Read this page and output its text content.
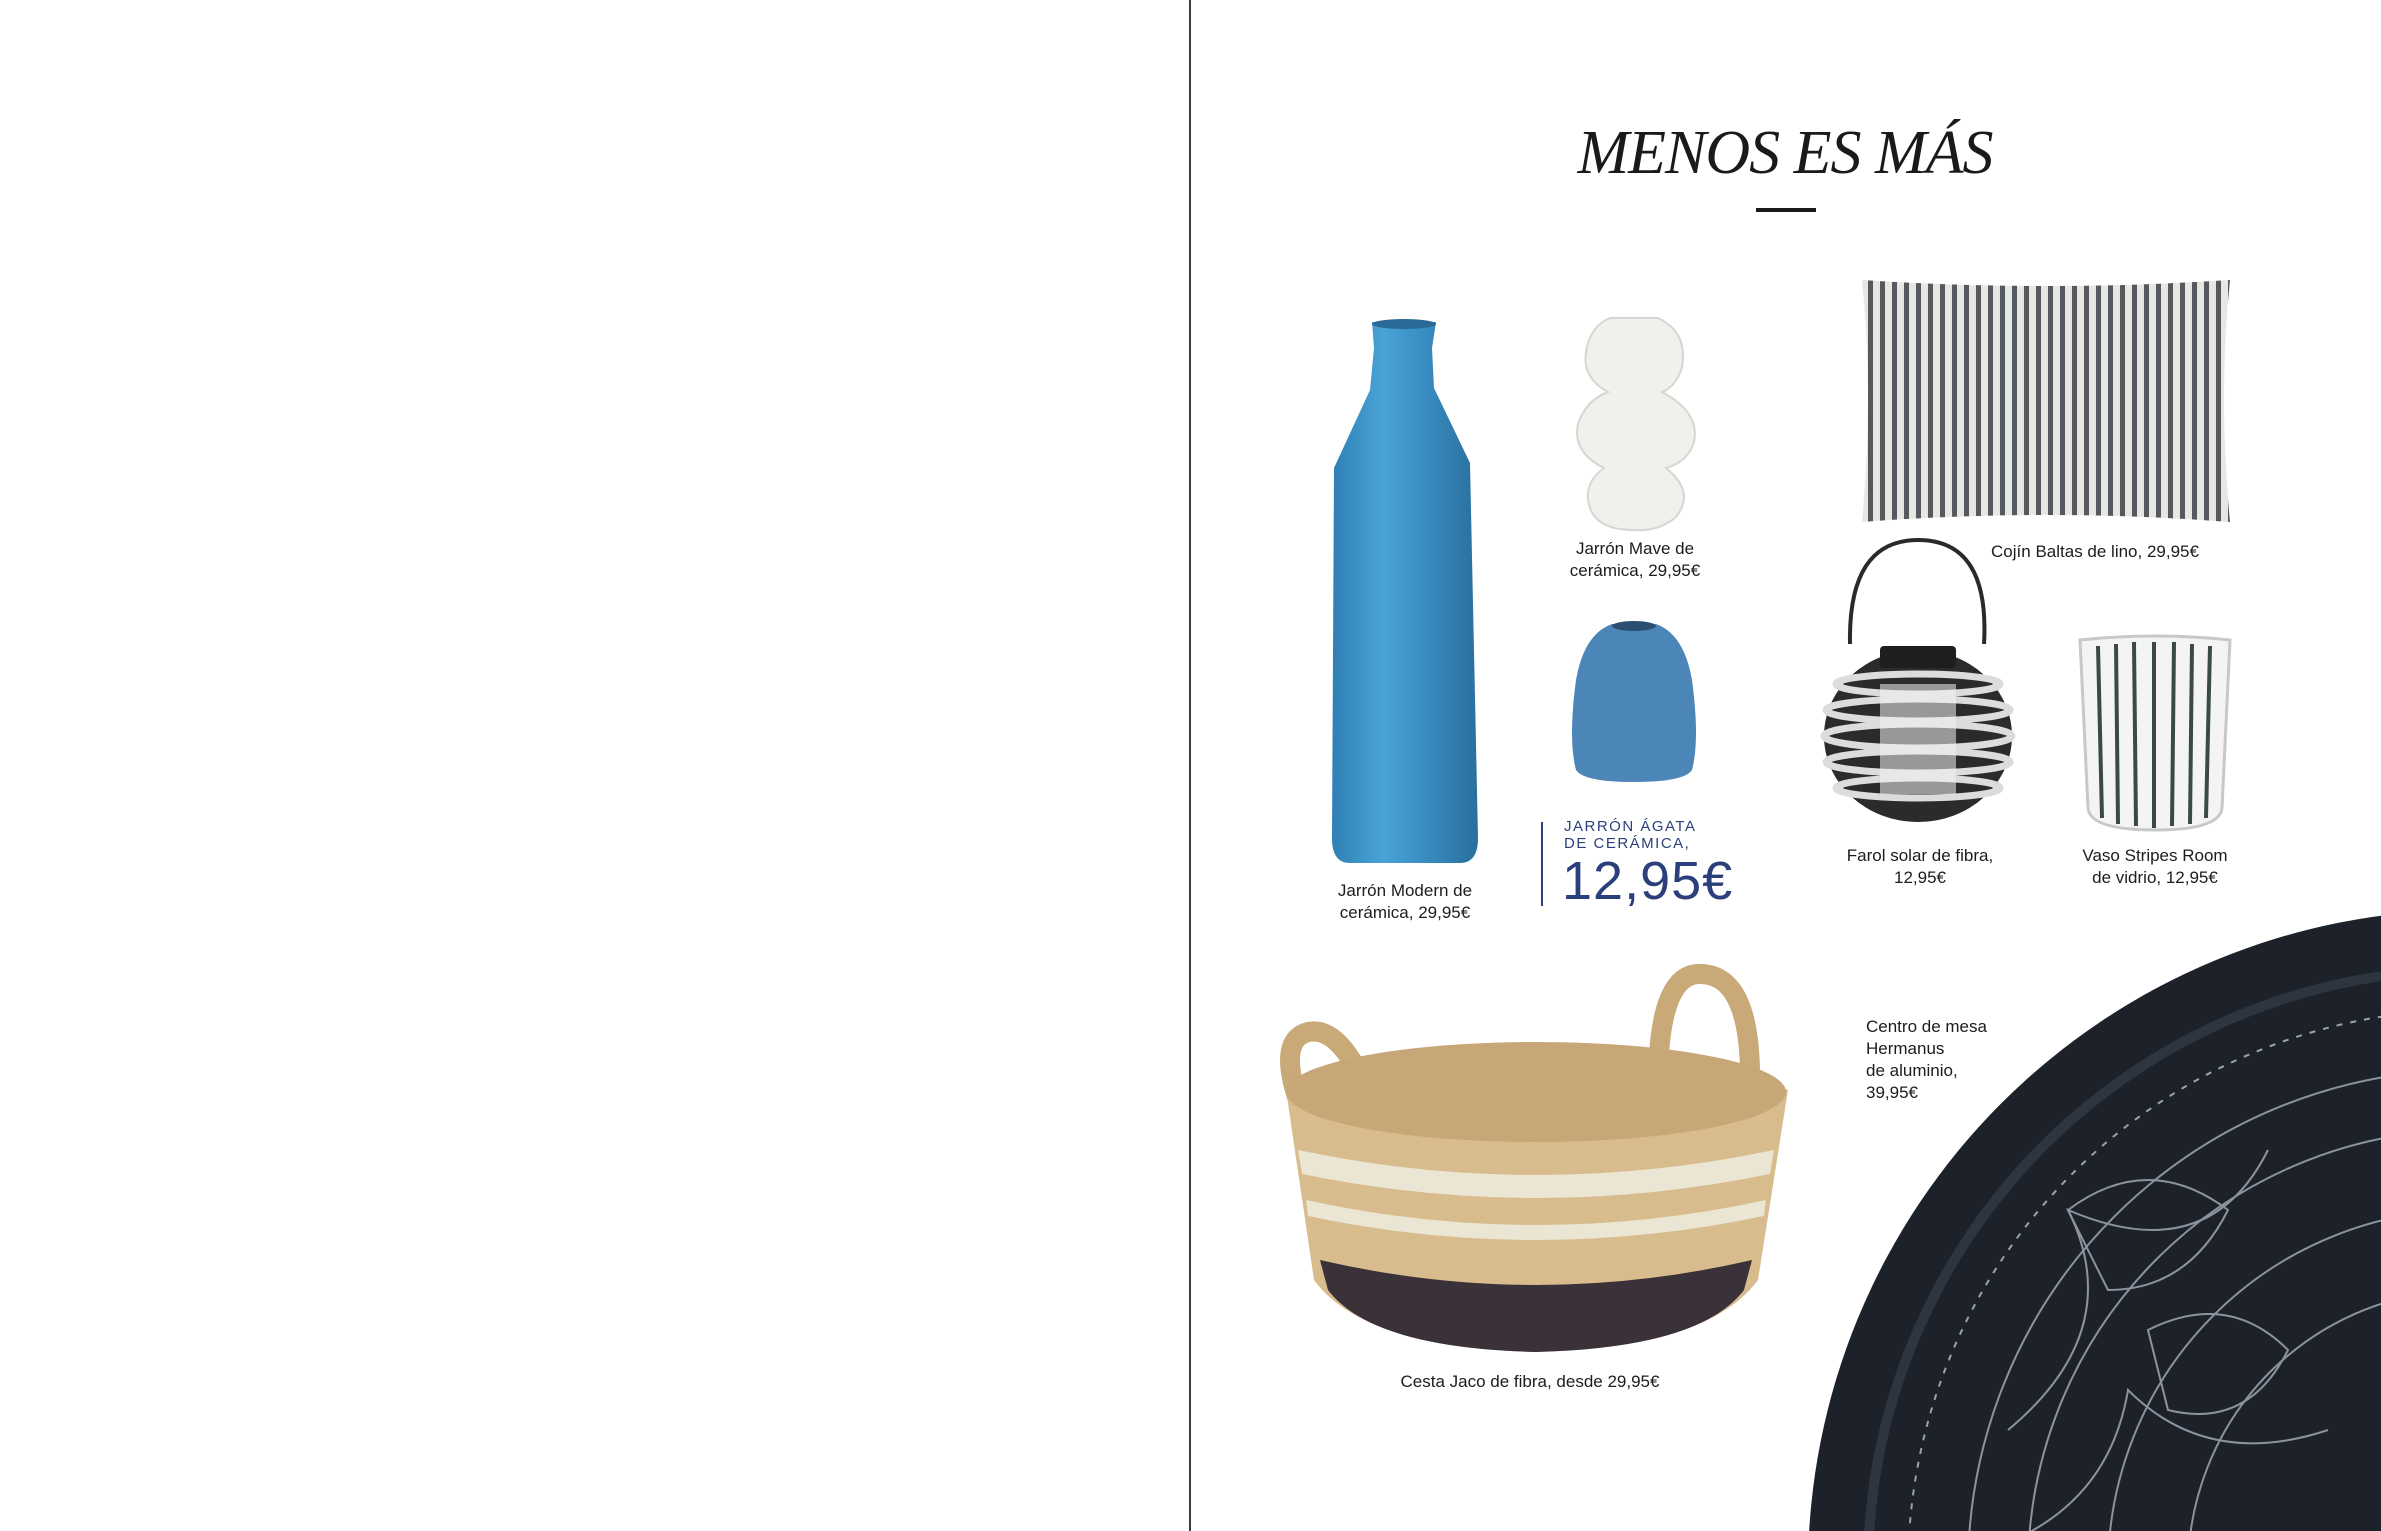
MENOS ES MÁS
Jarrón Modern de
cerámica, 29,95€
Jarrón Mave de
cerámica, 29,95€
JARRÓN ÁGATA
DE CERÁMICA,
12,95€
Cojín Baltas de lino, 29,95€
Farol solar de fibra,
12,95€
Vaso Stripes Room
de vidrio, 12,95€
Cesta Jaco de fibra, desde 29,95€
Centro de mesa
Hermanus
de aluminio,
39,95€
